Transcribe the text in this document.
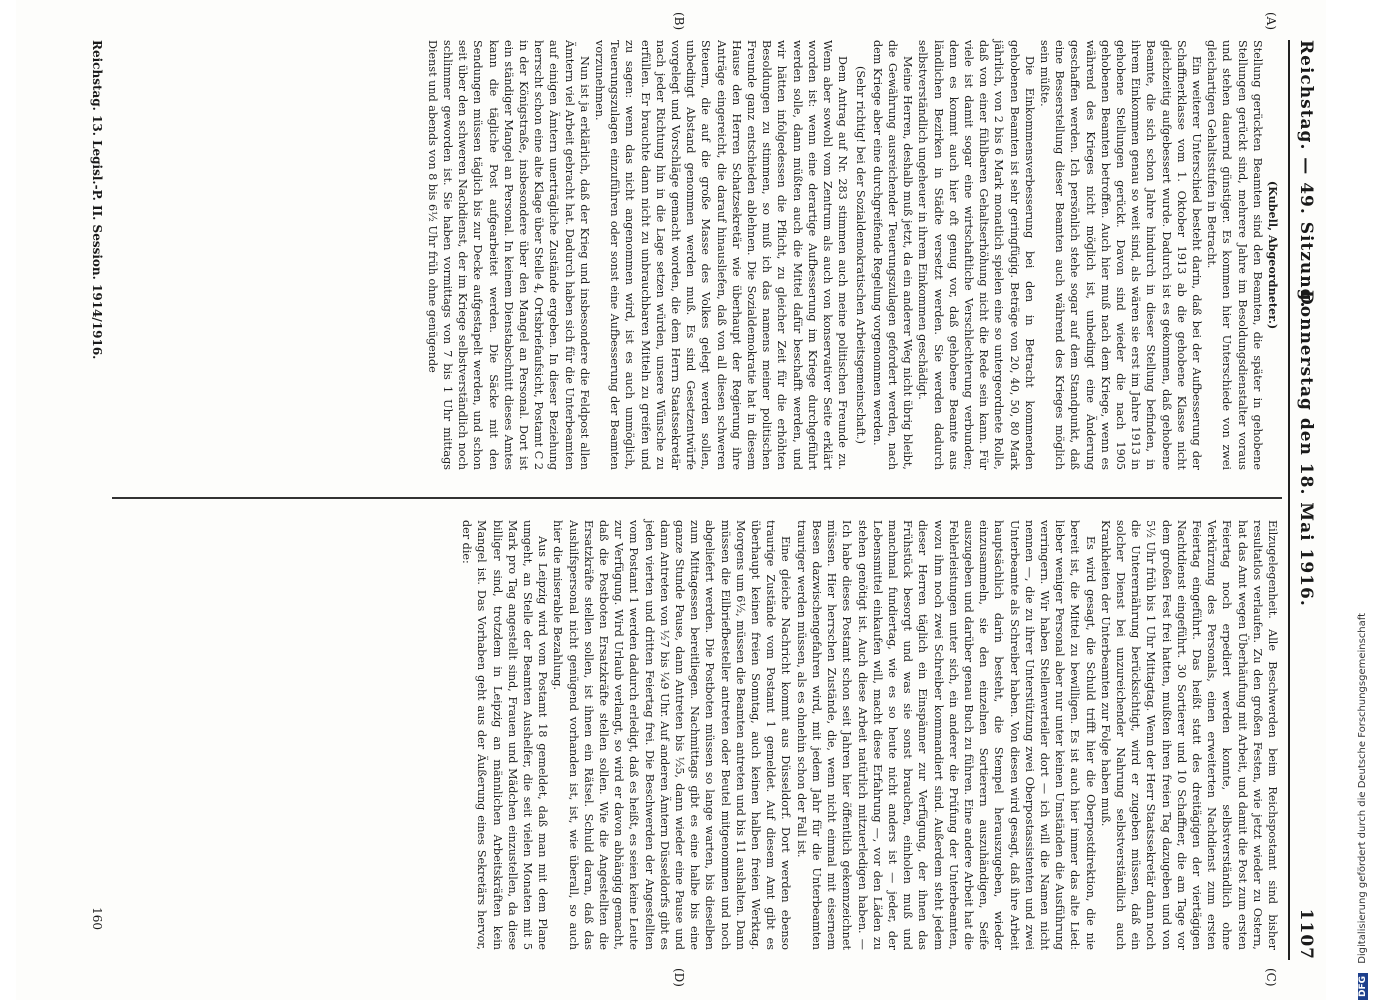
Reichstag. — 49. Sitzung.
Donnerstag den 18. Mai 1916.
1107
(A)
(B)
(C)
(D)

(Kubell, Abgeordneter.)

Stellung gerückten Beamten sind den Beamten, die später in gehobene Stellungen gerückt sind, mehrere Jahre im Besoldungsdienstalter voraus und stehen dauernd günstiger. Es kommen hier Unterschiede von zwei gleichartigen Gehaltsstufen in Betracht.

Ein weiterer Unterschied besteht darin, daß bei der Aufbesserung der Schaffnerklasse vom 1. Oktober 1913 ab die gehobene Klasse nicht gleichzeitig aufgebessert wurde. Dadurch ist es gekommen, daß gehobene Beamte, die sich schon Jahre hindurch in dieser Stellung befinden, in ihrem Einkommen genau so weit sind, als wären sie erst im Jahre 1913 in gehobene Stellungen gerückt. Davon sind wieder die nach 1905 gehobenen Beamten betroffen. Auch hier muß nach dem Kriege, wenn es während des Krieges nicht möglich ist, unbedingt eine Änderung geschaffen werden. Ich persönlich stehe sogar auf dem Standpunkt, daß eine Besserstellung dieser Beamten auch während des Krieges möglich sein müßte.

Die Einkommensverbesserung bei den in Betracht kommenden gehobenen Beamten ist sehr geringfügig. Beträge von 20, 40, 50, 80 Mark jährlich, von 2 bis 6 Mark monatlich spielen eine so untergeordnete Rolle, daß von einer fühlbaren Gehaltserhöhung nicht die Rede sein kann. Für viele ist damit sogar eine wirtschaftliche Verschlechterung verbunden; denn es kommt auch hier oft genug vor, daß gehobene Beamte aus ländlichen Bezirken in Städte versetzt werden. Sie werden dadurch selbstverständlich ungeheuer in ihrem Einkommen geschädigt.

Meine Herren, deshalb muß jetzt, da ein anderer Weg nicht übrig bleibt, die Gewährung ausreichender Teuerungszulagen gefordert werden, nach dem Kriege aber eine durchgreifende Regelung vorgenommen werden.

(Sehr richtig! bei der Sozialdemokratischen Arbeitsgemeinschaft.)

Dem Antrag auf Nr. 283 stimmen auch meine politischen Freunde zu. Wenn aber sowohl vom Zentrum als auch von konservativer Seite erklärt worden ist: wenn eine derartige Aufbesserung im Kriege durchgeführt werden solle, dann müßten auch die Mittel dafür beschafft werden, und wir hätten infolgedessen die Pflicht, zu gleicher Zeit für die erhöhten Besoldungen zu stimmen, so muß ich das namens meiner politischen Freunde ganz entschieden ablehnen. Die Sozialdemokratie hat in diesem Hause den Herren Schatzsekretär wie überhaupt der Regierung ihre Anträge eingereicht, die darauf hinausliefen, daß von all diesen schweren Steuern, die auf die große Masse des Volkes gelegt werden sollen, unbedingt Abstand genommen werden muß. Es sind Gesetzentwürfe vorgelegt und Vorschläge gemacht worden, die dem Herrn Staatssekretär nach jeder Richtung hin in die Lage setzen würden, unsere Wünsche zu erfüllen. Er brauchte dann nicht zu unbrauchbaren Mitteln zu greifen und zu sagen: wenn das nicht angenommen wird, ist es auch unmöglich, Teuerungszulagen einzuführen oder sonst eine Aufbesserung der Beamten vorzunehmen.

Nun ist ja erklärlich, daß der Krieg und insbesondere die Feldpost allen Ämtern viel Arbeit gebracht hat. Dadurch haben sich für die Unterbeamten auf einigen Ämtern unerträgliche Zustände ergeben. In dieser Beziehung herrscht schon eine alte Klage über Stelle 4, Ortsbriefaufsicht, Postamt C 2 in der Königstraße, insbesondere über den Mangel an Personal. Dort ist ein ständiger Mangel an Personal. In keinem Dienstabschnitt dieses Amtes kann die tägliche Post aufgearbeitet werden. Die Säcke mit den Sendungen müssen täglich bis zur Decke aufgestapelt werden, und schon seit über den schweren Nachdienst, der im Kriege selbstverständlich noch schlimmer geworden ist. Sie haben vormittags von 7 bis 1 Uhr mittags Dienst und abends von 8 bis 6½ Uhr früh ohne genügende

Eilzugelegenheit. Alle Beschwerden beim Reichspostamt sind bisher resultatlos verlaufen. Zu den großen Festen, wie jetzt wieder zu Ostern, hat das Amt wegen Überhäufung mit Arbeit, und damit die Post zum ersten Feiertag noch erpediert werden konnte, selbstverständlich ohne Verkürzung des Personals, einen erweiterten Nachdienst zum ersten Feiertag eingeführt. Das heißt statt des dreitägigen der viertägigen Nachtdienst eingeführt. 30 Sortierer und 10 Schaffner, die am Tage vor dem großen Fest frei hatten, mußten ihren freien Tag dazugeben und von 5½ Uhr früh bis 1 Uhr Mittagtag. Wenn der Herr Staatssekretär dann noch die Unterernährung berücksichtigt, wird er zugeben müssen, daß ein solcher Dienst bei unzureichender Nahrung selbstverständlich auch Krankheiten der Unterbeamten zur Folge haben muß.

Es wird gesagt, die Schuld trifft hier die Oberpostdirektion, die nie bereit ist, die Mittel zu bewilligen. Es ist auch hier immer das alte Lied: lieber weniger Personal aber nur unter keinen Umständen die Ausführung verringern. Wir haben Stellenverteiler dort — ich will die Namen nicht nennen —, die zu ihrer Unterstützung zwei Oberpostassistenten und zwei Unterbeamte als Schreiber haben. Von diesen wird gesagt, daß ihre Arbeit hauptsächlich darin besteht, die Stempel herauszugeben, wieder einzusammeln, sie den einzelnen Sortierern auszuhändigen, Seife auszugeben und darüber genau Buch zu führen. Eine andere Arbeit hat die Fehlerleistungen unter sich, ein anderer die Prüfung der Unterbeamten, wozu ihm noch zwei Schreiber kommandiert sind. Außerdem steht jedem dieser Herren täglich ein Einspänner zur Verfügung, der ihnen das Frühstück besorgt und was sie sonst brauchen, einholen muß und manchmal fundiertag, wie es so heute nicht anders ist — jeder, der Lebensmittel einkaufen will, macht diese Erfahrung —, vor den Läden zu stehen genötigt ist. Auch diese Arbeit natürlich mitzuerledigen haben. — Ich habe dieses Postamt schon seit Jahren hier öffentlich gekennzeichnet müssen. Hier herrschen Zustände, die, wenn nicht einmal mit eisernem Besen dazwischengefahren wird, mit jedem Jahr für die Unterbeamten trauriger werden müssen, als es ohnehin schon der Fall ist.

Eine gleiche Nachricht kommt aus Düsseldorf. Dort werden ebenso traurige Zustände vom Postamt 1 gemeldet. Auf diesem Amt gibt es überhaupt keinen freien Sonntag, auch keinen halben freien Werktag. Morgens um 6½, müssen die Beamten antreten und bis 11 aushalten. Dann müssen die Eilbriefbesteller antreten oder Beutel mitgenommen und noch abgeliefert werden. Die Postboten müssen so lange warten, bis dieselben zum Mittagessen bereitliegen. Nachmittags gibt es eine halbe bis eine ganze Stunde Pause, dann Antreten bis ½5, dann wieder eine Pause und dann Antreten von ½7 bis ¼9 Uhr. Auf anderen Ämtern Düsseldorfs gibt es jeden vierten und dritten Feiertag frei. Die Beschwerden der Angestellten vom Postamt 1 werden dadurch erledigt, daß es heißt, es seien keine Leute zur Verfügung. Wird Urlaub verlangt, so wird er davon abhängig gemacht, daß die Postboten Ersatzkräfte stellen sollen. Wie die Angestellten die Ersatzkräfte stellen sollen, ist ihnen ein Rätsel. Schuld daran, daß das Aushilfspersonal nicht genügend vorhanden ist, ist, wie überall, so auch hier die miserable Bezahlung.

Aus Leipzig wird vom Postamt 18 gemeldet, daß man mit dem Plane umgeht, an Stelle der Beamten Aushelfer, die seit vielen Monaten mit 5 Mark pro Tag angestellt sind, Frauen und Mädchen einzustellen, da diese billiger sind, trotzdem in Leipzig an männlichen Arbeitskräften kein Mangel ist. Das Vorhaben geht aus der Äußerung eines Sekretärs hervor, der die:

Reichstag. 13. Legisl.-P. II. Session. 1914/1916.
160
DFG Digitalisierung gefördert durch die Deutsche Forschungsgemeinschaft
